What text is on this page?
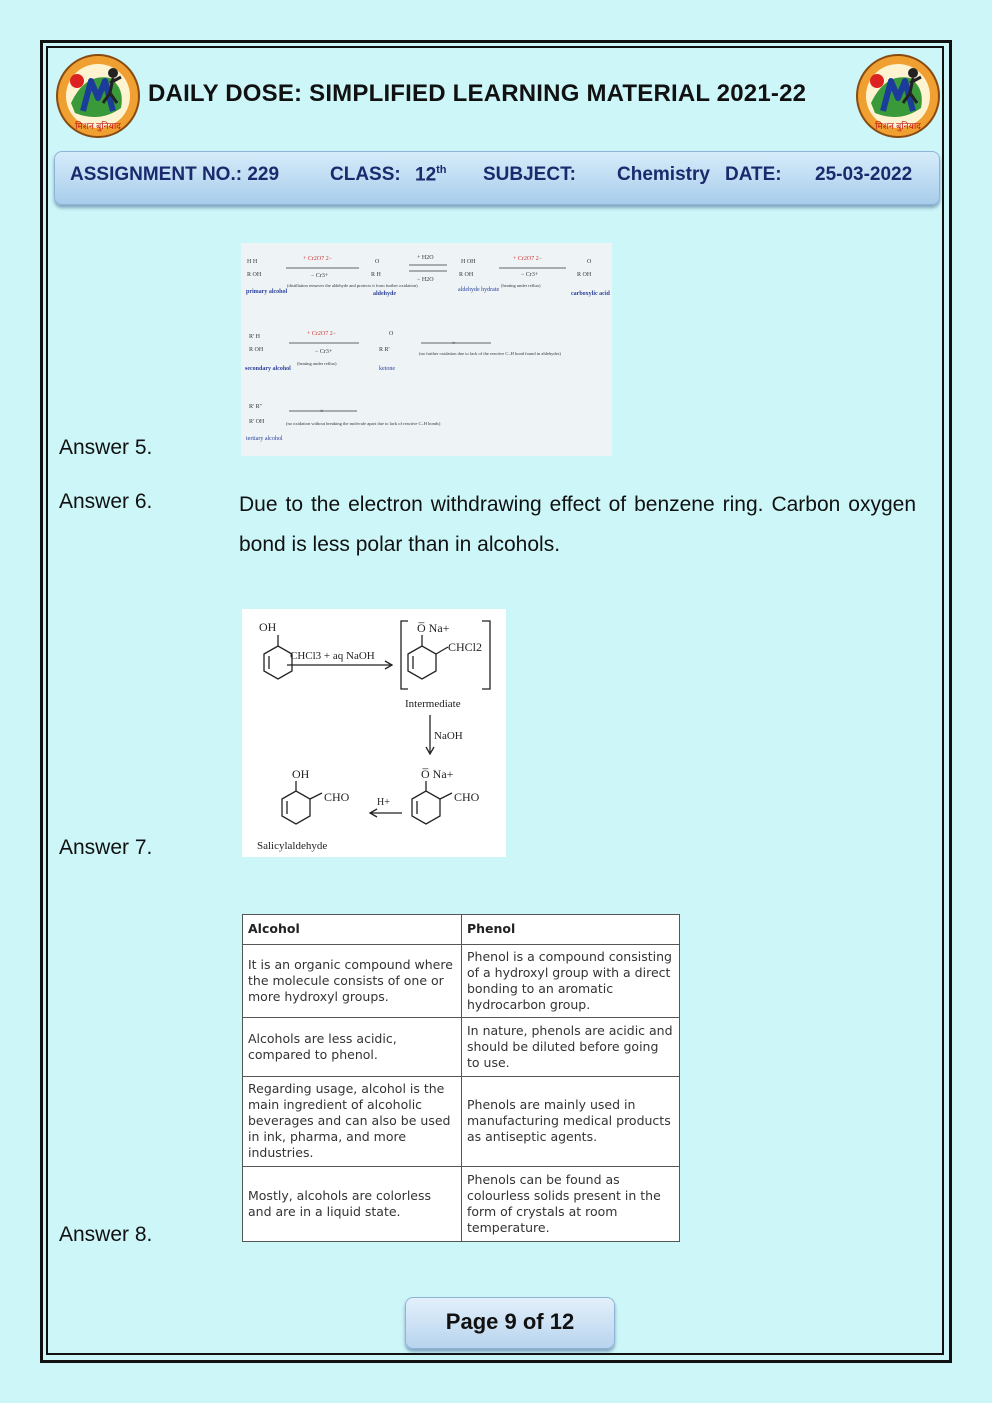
मिशन बुनियाद	मिशन बुनियाद
DAILY DOSE: SIMPLIFIED LEARNING MATERIAL 2021-22
ASSIGNMENT NO.: 229	CLASS: 12th SUBJECT: Chemistry DATE: 25-03-2022
Answer 5.
H H
R OH
primary alcohol
+ Cr2O7 2−
− Cr3+
(distillation removes the aldehyde and protects it from further oxidation)
O
R H
aldehyde
+ H2O
− H2O
H OH
R OH
aldehyde hydrate
+ Cr2O7 2−
− Cr3+
(heating under reflux)
O
R OH
carboxylic acid
R' H
R OH
secondary alcohol
+ Cr2O7 2−
− Cr3+
(heating under reflux)
O
R R'
ketone
×
(no further oxidation due to lack of the reactive C–H bond found in aldehydes)
R' R''
R' OH
tertiary alcohol
×
(no oxidation without breaking the molecule apart due to lack of reactive C–H bonds)
Answer 6.	Due to the electron withdrawing effect of benzene ring. Carbon oxygen bond is less polar than in alcohols.
Answer 7.
OH
CHCl3 + aq NaOH
O̅ Na+
CHCl2
Intermediate
NaOH
O̅ Na+
CHO
H+
OH
CHO
Salicylaldehyde
Answer 8.
Alcohol	Phenol
It is an organic compound where the molecule consists of one or more hydroxyl groups.	Phenol is a compound consisting of a hydroxyl group with a direct bonding to an aromatic hydrocarbon group.
Alcohols are less acidic, compared to phenol.	In nature, phenols are acidic and should be diluted before going to use.
Regarding usage, alcohol is the main ingredient of alcoholic beverages and can also be used in ink, pharma, and more industries.	Phenols are mainly used in manufacturing medical products as antiseptic agents.
Mostly, alcohols are colorless and are in a liquid state.	Phenols can be found as colourless solids present in the form of crystals at room temperature.
Page 9 of 12
